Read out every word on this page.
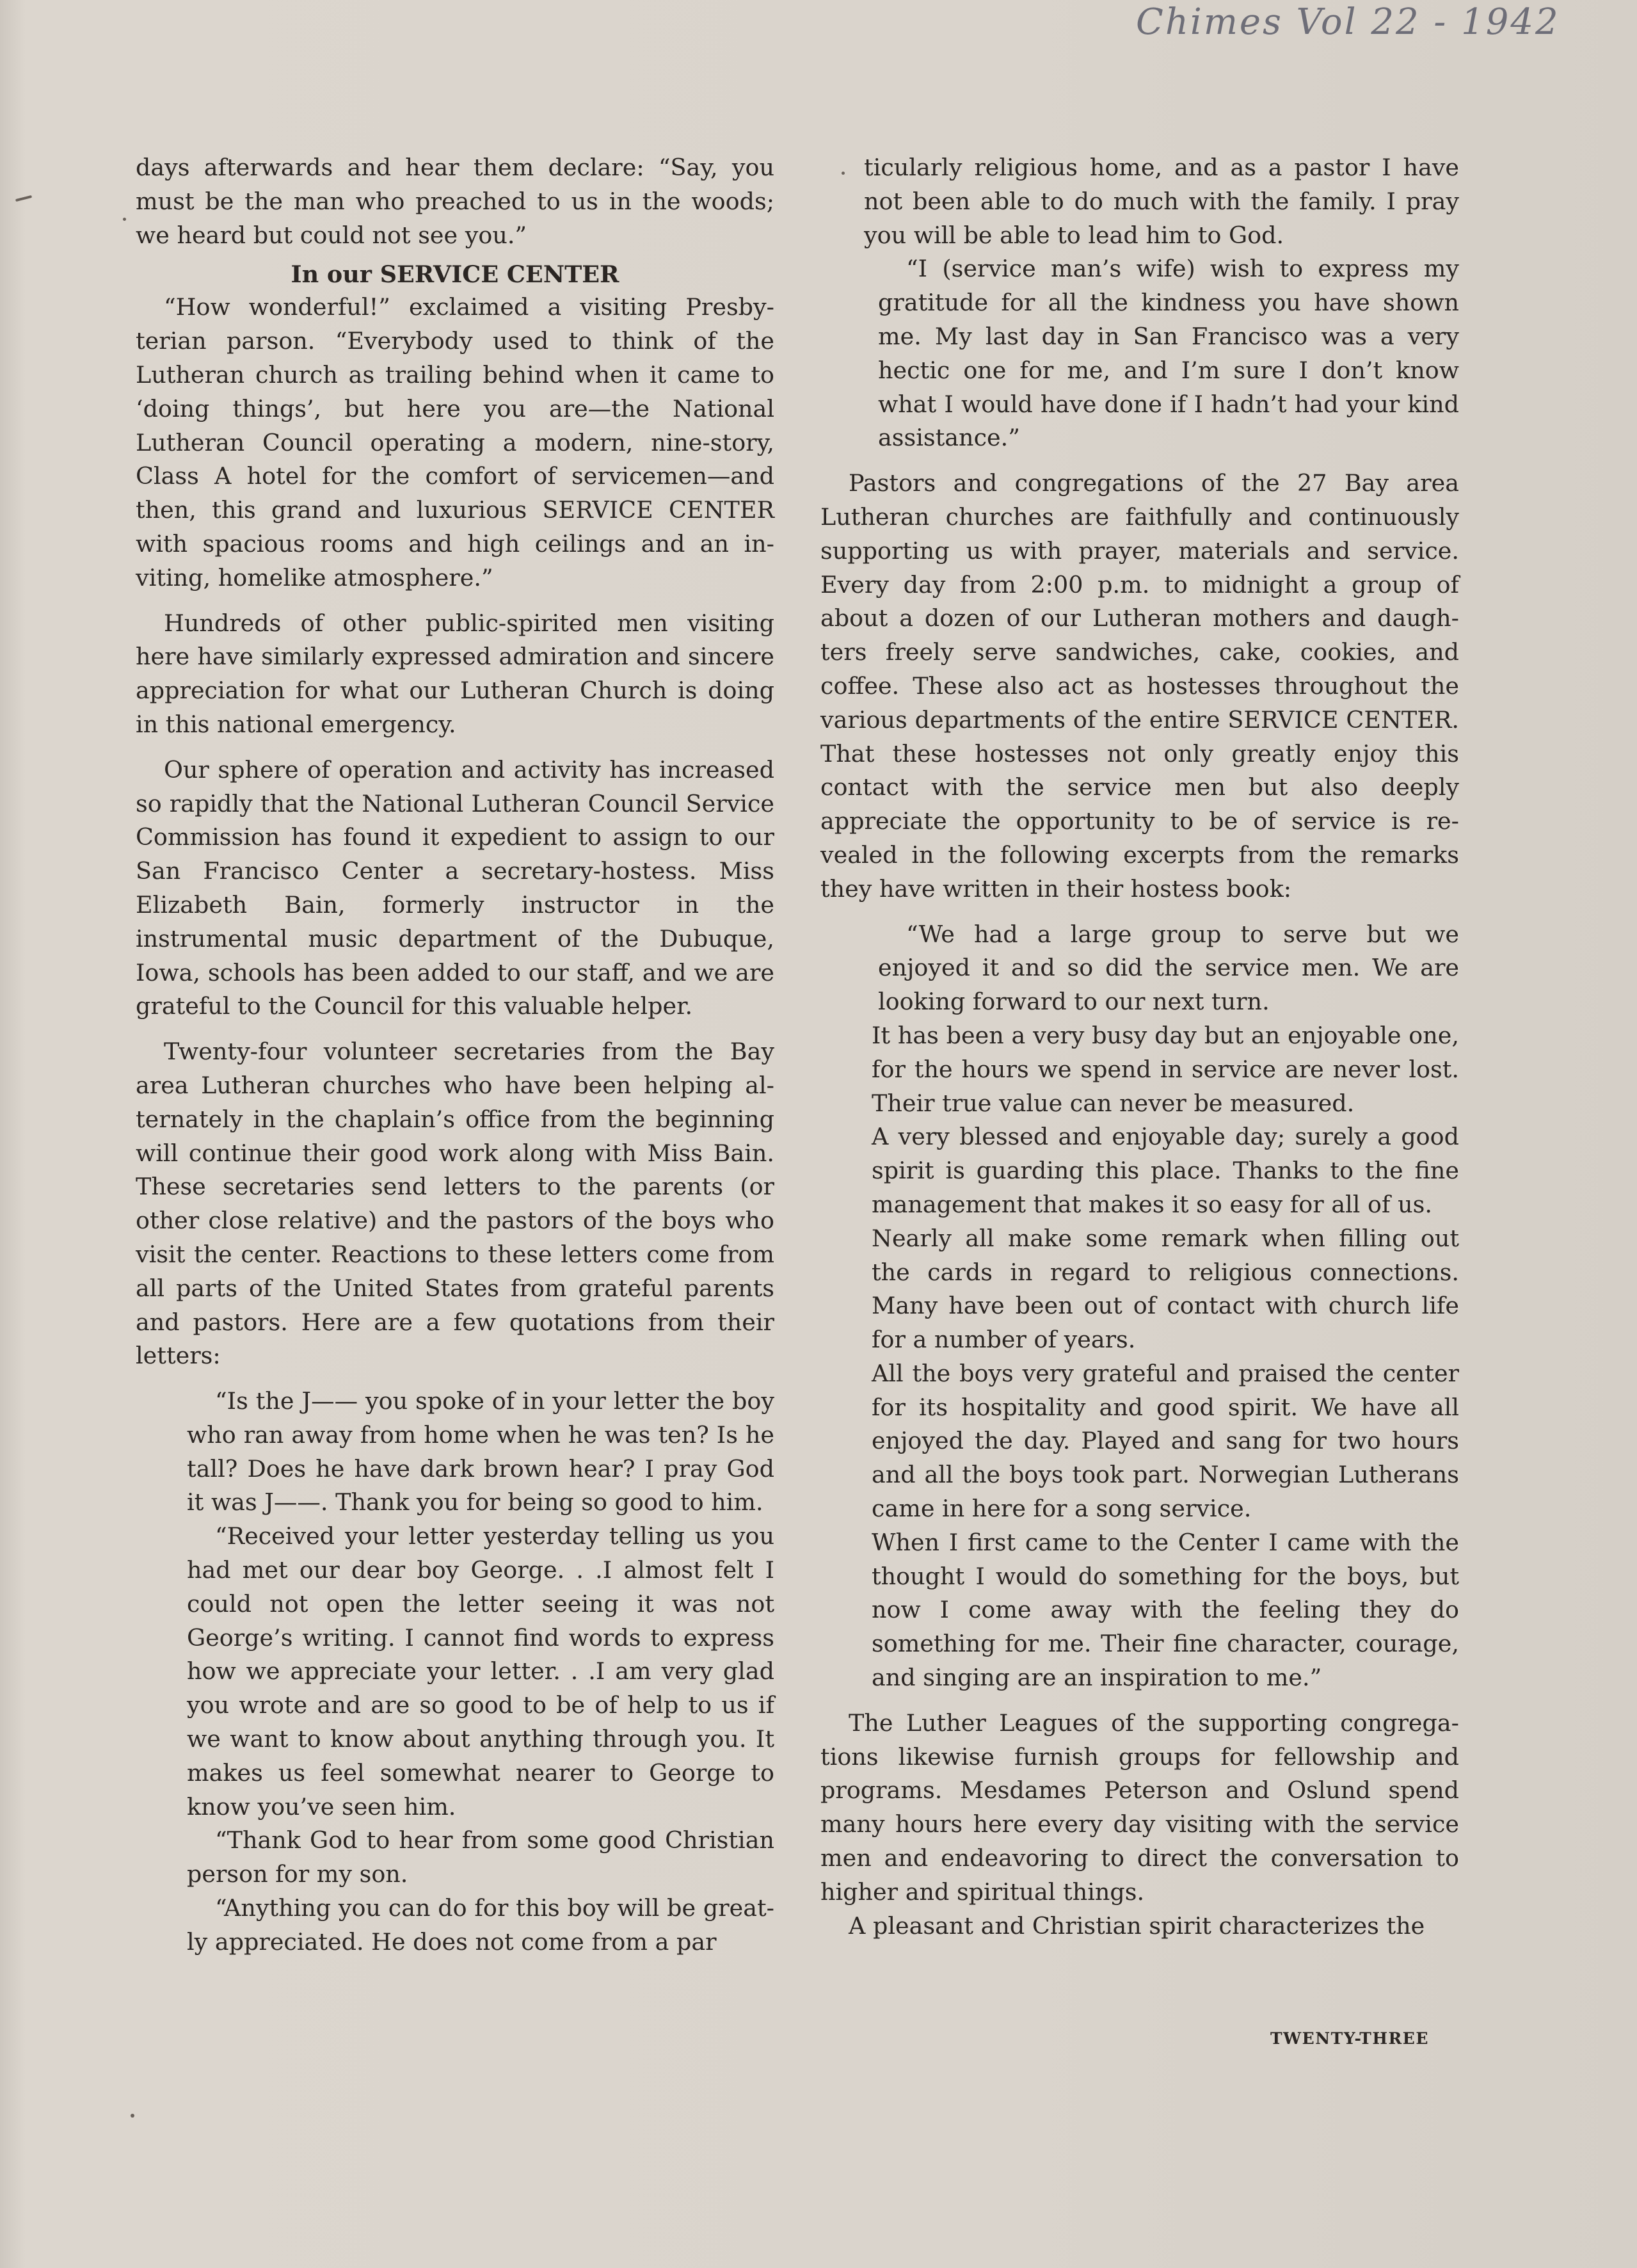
Chimes Vol 22 - 1942

days afterwards and hear them declare: “Say, you must be the man who preached to us in the woods; we heard but could not see you.”

In our SERVICE CENTER

“How wonderful!” exclaimed a visiting Presbyterian parson. “Everybody used to think of the Lutheran church as trailing behind when it came to ‘doing things’, but here you are—the National Lutheran Council operating a modern, nine-story, Class A hotel for the comfort of servicemen—and then, this grand and luxurious SERVICE CENTER with spacious rooms and high ceilings and an inviting, homelike atmosphere.”

Hundreds of other public-spirited men visiting here have similarly expressed admiration and sincere appreciation for what our Lutheran Church is doing in this national emergency.

Our sphere of operation and activity has increased so rapidly that the National Lutheran Council Service Commission has found it expedient to assign to our San Francisco Center a secretary-hostess. Miss Elizabeth Bain, formerly instructor in the instrumental music department of the Dubuque, Iowa, schools has been added to our staff, and we are grateful to the Council for this valuable helper.

Twenty-four volunteer secretaries from the Bay area Lutheran churches who have been helping alternately in the chaplain’s office from the beginning will continue their good work along with Miss Bain. These secretaries send letters to the parents (or other close relative) and the pastors of the boys who visit the center. Reactions to these letters come from all parts of the United States from grateful parents and pastors. Here are a few quotations from their letters:

“Is the J—— you spoke of in your letter the boy who ran away from home when he was ten? Is he tall? Does he have dark brown hear? I pray God it was J——. Thank you for being so good to him.

“Received your letter yesterday telling us you had met our dear boy George. . .I almost felt I could not open the letter seeing it was not George’s writing. I cannot find words to express how we appreciate your letter. . .I am very glad you wrote and are so good to be of help to us if we want to know about anything through you. It makes us feel somewhat nearer to George to know you’ve seen him.

“Thank God to hear from some good Christian person for my son.

“Anything you can do for this boy will be greatly appreciated. He does not come from a par

ticularly religious home, and as a pastor I have not been able to do much with the family. I pray you will be able to lead him to God.

“I (service man’s wife) wish to express my gratitude for all the kindness you have shown me. My last day in San Francisco was a very hectic one for me, and I’m sure I don’t know what I would have done if I hadn’t had your kind assistance.”

Pastors and congregations of the 27 Bay area Lutheran churches are faithfully and continuously supporting us with prayer, materials and service. Every day from 2:00 p.m. to midnight a group of about a dozen of our Lutheran mothers and daughters freely serve sandwiches, cake, cookies, and coffee. These also act as hostesses throughout the various departments of the entire SERVICE CENTER. That these hostesses not only greatly enjoy this contact with the service men but also deeply appreciate the opportunity to be of service is revealed in the following excerpts from the remarks they have written in their hostess book:

“We had a large group to serve but we enjoyed it and so did the service men. We are looking forward to our next turn.

It has been a very busy day but an enjoyable one, for the hours we spend in service are never lost. Their true value can never be measured.

A very blessed and enjoyable day; surely a good spirit is guarding this place. Thanks to the fine management that makes it so easy for all of us.

Nearly all make some remark when filling out the cards in regard to religious connections. Many have been out of contact with church life for a number of years.

All the boys very grateful and praised the center for its hospitality and good spirit. We have all enjoyed the day. Played and sang for two hours and all the boys took part. Norwegian Lutherans came in here for a song service.

When I first came to the Center I came with the thought I would do something for the boys, but now I come away with the feeling they do something for me. Their fine character, courage, and singing are an inspiration to me.”

The Luther Leagues of the supporting congregations likewise furnish groups for fellowship and programs. Mesdames Peterson and Oslund spend many hours here every day visiting with the service men and endeavoring to direct the conversation to higher and spiritual things.

A pleasant and Christian spirit characterizes the

TWENTY-THREE
